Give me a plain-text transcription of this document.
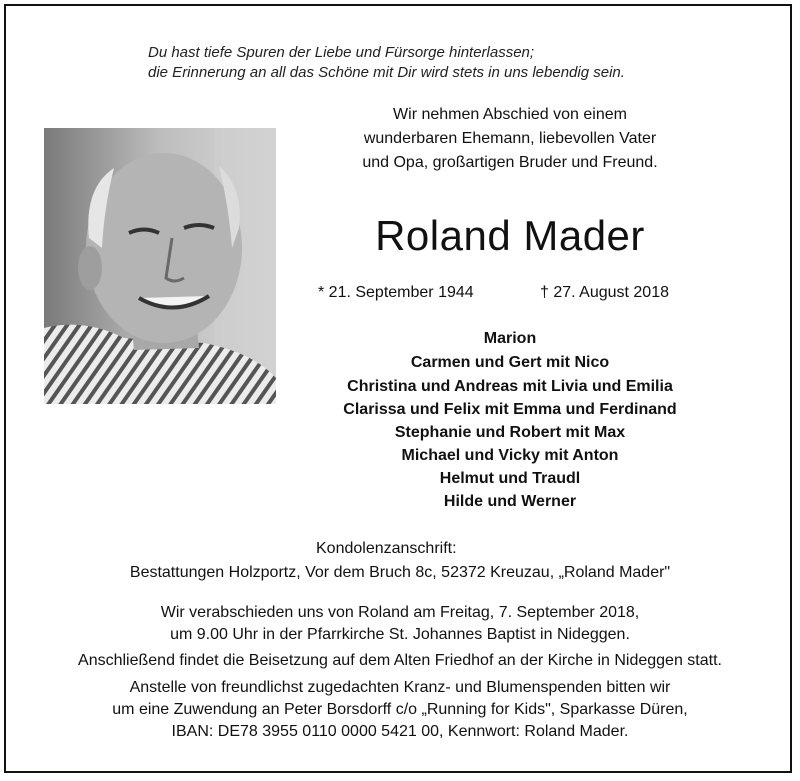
Du hast tiefe Spuren der Liebe und Fürsorge hinterlassen;
die Erinnerung an all das Schöne mit Dir wird stets in uns lebendig sein.
Wir nehmen Abschied von einem
wunderbaren Ehemann, liebevollen Vater
und Opa, großartigen Bruder und Freund.
Roland Mader
* 21. September 1944	† 27. August 2018
Marion
Carmen und Gert mit Nico
Christina und Andreas mit Livia und Emilia
Clarissa und Felix mit Emma und Ferdinand
Stephanie und Robert mit Max
Michael und Vicky mit Anton
Helmut und Traudl
Hilde und Werner
Kondolenzanschrift:
Bestattungen Holzportz, Vor dem Bruch 8c, 52372 Kreuzau, „Roland Mader"
Wir verabschieden uns von Roland am Freitag, 7. September 2018,
um 9.00 Uhr in der Pfarrkirche St. Johannes Baptist in Nideggen.
Anschließend findet die Beisetzung auf dem Alten Friedhof an der Kirche in Nideggen statt.
Anstelle von freundlichst zugedachten Kranz- und Blumenspenden bitten wir
um eine Zuwendung an Peter Borsdorff c/o „Running for Kids", Sparkasse Düren,
IBAN: DE78 3955 0110 0000 5421 00, Kennwort: Roland Mader.
